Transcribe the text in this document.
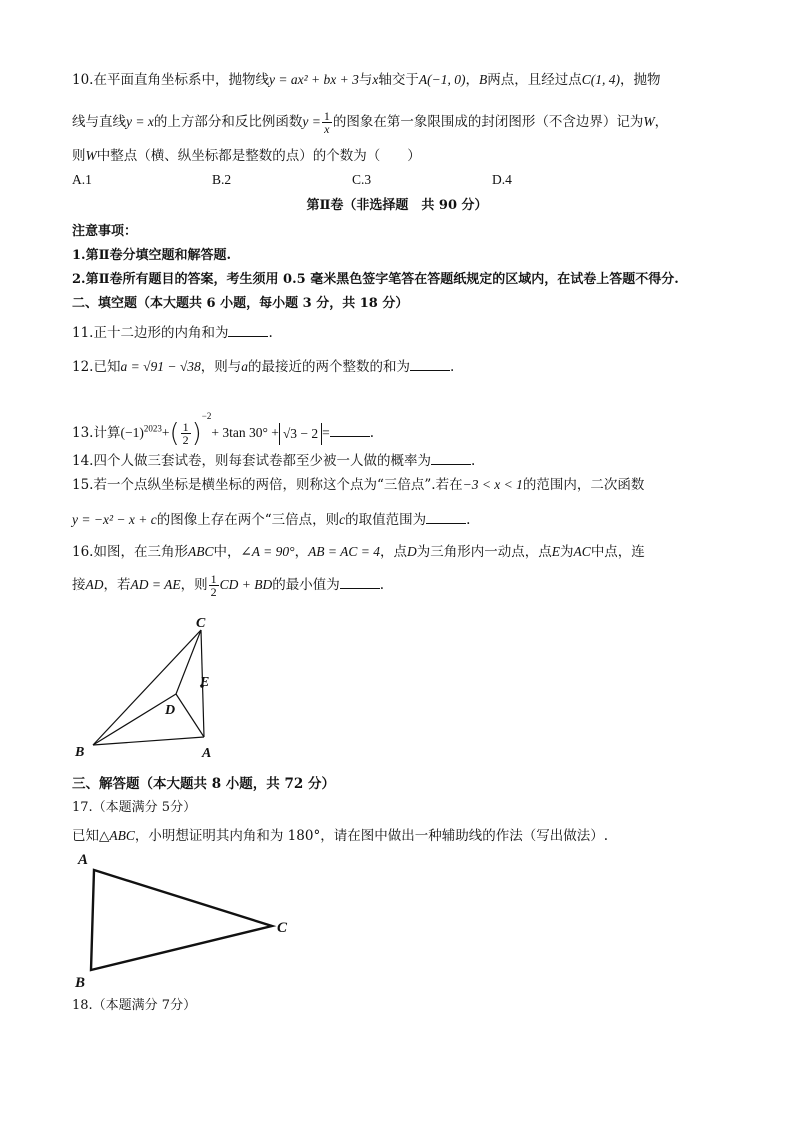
10.在平面直角坐标系中，抛物线y = ax² + bx + 3与x轴交于A(−1, 0)，B两点，且经过点C(1, 4)，抛物
线与直线y = x的上方部分和反比例函数$y = \frac{1}{x}$ 的图象在第一象限围成的封闭图形（不含边界）记为W，
则W中整点（横、纵坐标都是整数的点）的个数为（　　）
A.1	B.2	C.3	D.4
第Ⅱ卷（非选择题　共 90 分）
注意事项：
1.第Ⅱ卷分填空题和解答题.
2.第Ⅱ卷所有题目的答案，考生须用 0.5 毫米黑色签字笔答在答题纸规定的区域内，在试卷上答题不得分.
二、填空题（本大题共 6 小题，每小题 3 分，共 18 分）
11.正十二边形的内角和为	.
12.已知a = √91 − √38，则与a的最接近的两个整数的和为	.
13.计算$(-1)^{2023}+( \frac{1}{2} )^{-2}+ 3\tan$ 30° + √3 − 2 =	.
14.四个人做三套试卷，则每套试卷都至少被一人做的概率为	.
15.若一个点纵坐标是横坐标的两倍，则称这个点为“三倍点”.若在−3 < x < 1的范围内，二次函数
y = −x² − x + c的图像上存在两个“三倍点，则c的取值范围为	.
16.如图，在三角形ABC中，∠A = 90°，AB = AC = 4，点D为三角形内一动点，点E为AC中点，连
接AD，若AD = AE，则 $\frac{1}{2}$ CD + BD的最小值为	.
C
E
D
B	A
三、解答题（本大题共 8 小题，共 72 分）
17.（本题满分 5分）
已知△ABC，小明想证明其内角和为 180°，请在图中做出一种辅助线的作法（写出做法）.
A
B
C
18.（本题满分 7分）
